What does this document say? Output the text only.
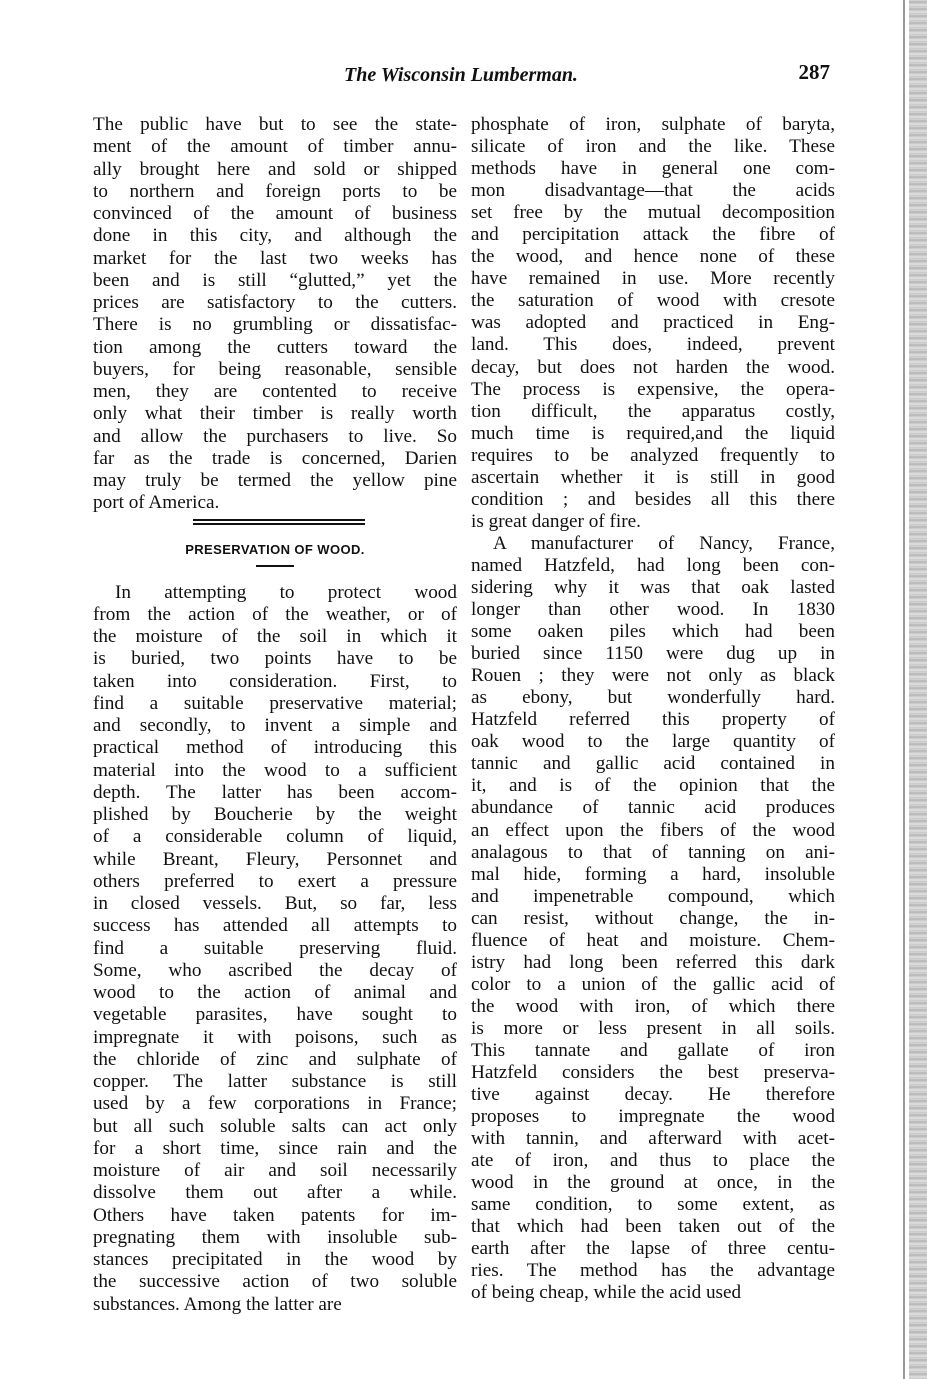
The Wisconsin Lumberman.	287
The public have but to see the state-
ment of the amount of timber annu-
ally brought here and sold or shipped
to northern and foreign ports to be
convinced of the amount of business
done in this city, and although the
market for the last two weeks has
been and is still “glutted,” yet the
prices are satisfactory to the cutters.
There is no grumbling or dissatisfac-
tion among the cutters toward the
buyers, for being reasonable, sensible
men, they are contented to receive
only what their timber is really worth
and allow the purchasers to live. So
far as the trade is concerned, Darien
may truly be termed the yellow pine
port of America.
PRESERVATION OF WOOD.
In attempting to protect wood
from the action of the weather, or of
the moisture of the soil in which it
is buried, two points have to be
taken into consideration. First, to
find a suitable preservative material;
and secondly, to invent a simple and
practical method of introducing this
material into the wood to a sufficient
depth. The latter has been accom-
plished by Boucherie by the weight
of a considerable column of liquid,
while Breant, Fleury, Personnet and
others preferred to exert a pressure
in closed vessels. But, so far, less
success has attended all attempts to
find a suitable preserving fluid.
Some, who ascribed the decay of
wood to the action of animal and
vegetable parasites, have sought to
impregnate it with poisons, such as
the chloride of zinc and sulphate of
copper. The latter substance is still
used by a few corporations in France;
but all such soluble salts can act only
for a short time, since rain and the
moisture of air and soil necessarily
dissolve them out after a while.
Others have taken patents for im-
pregnating them with insoluble sub-
stances precipitated in the wood by
the successive action of two soluble
substances. Among the latter are
phosphate of iron, sulphate of baryta,
silicate of iron and the like. These
methods have in general one com-
mon disadvantage—that the acids
set free by the mutual decomposition
and percipitation attack the fibre of
the wood, and hence none of these
have remained in use. More recently
the saturation of wood with cresote
was adopted and practiced in Eng-
land. This does, indeed, prevent
decay, but does not harden the wood.
The process is expensive, the opera-
tion difficult, the apparatus costly,
much time is required,and the liquid
requires to be analyzed frequently to
ascertain whether it is still in good
condition ; and besides all this there
is great danger of fire.
A manufacturer of Nancy, France,
named Hatzfeld, had long been con-
sidering why it was that oak lasted
longer than other wood. In 1830
some oaken piles which had been
buried since 1150 were dug up in
Rouen ; they were not only as black
as ebony, but wonderfully hard.
Hatzfeld referred this property of
oak wood to the large quantity of
tannic and gallic acid contained in
it, and is of the opinion that the
abundance of tannic acid produces
an effect upon the fibers of the wood
analagous to that of tanning on ani-
mal hide, forming a hard, insoluble
and impenetrable compound, which
can resist, without change, the in-
fluence of heat and moisture. Chem-
istry had long been referred this dark
color to a union of the gallic acid of
the wood with iron, of which there
is more or less present in all soils.
This tannate and gallate of iron
Hatzfeld considers the best preserva-
tive against decay. He therefore
proposes to impregnate the wood
with tannin, and afterward with acet-
ate of iron, and thus to place the
wood in the ground at once, in the
same condition, to some extent, as
that which had been taken out of the
earth after the lapse of three centu-
ries. The method has the advantage
of being cheap, while the acid used
